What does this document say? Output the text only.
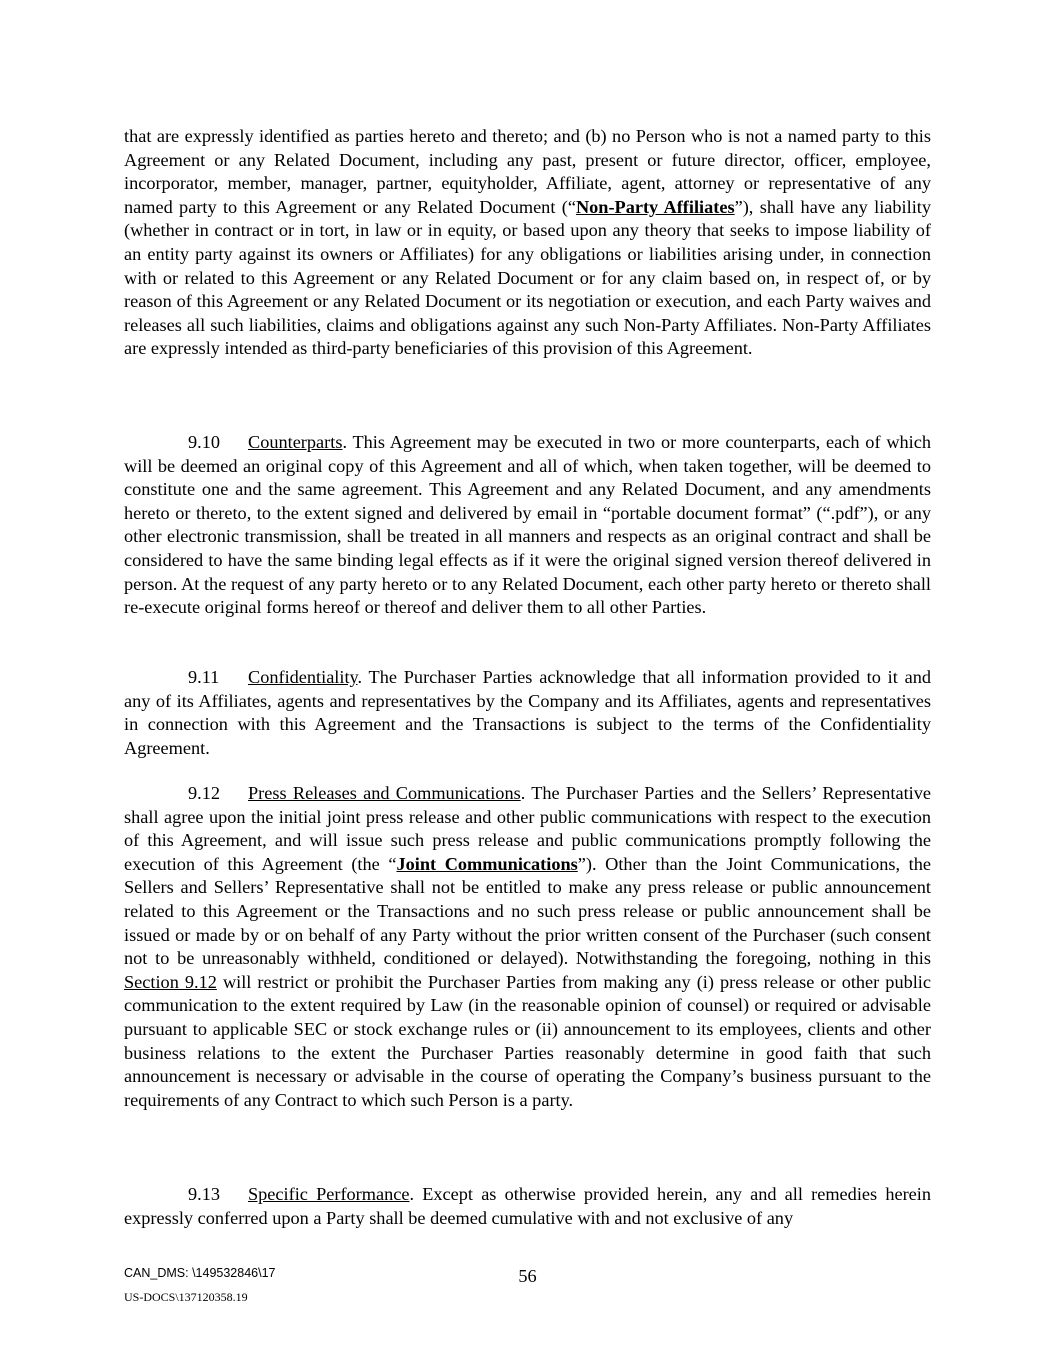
that are expressly identified as parties hereto and thereto; and (b) no Person who is not a named party to this Agreement or any Related Document, including any past, present or future director, officer, employee, incorporator, member, manager, partner, equityholder, Affiliate, agent, attorney or representative of any named party to this Agreement or any Related Document (“Non-Party Affiliates”), shall have any liability (whether in contract or in tort, in law or in equity, or based upon any theory that seeks to impose liability of an entity party against its owners or Affiliates) for any obligations or liabilities arising under, in connection with or related to this Agreement or any Related Document or for any claim based on, in respect of, or by reason of this Agreement or any Related Document or its negotiation or execution, and each Party waives and releases all such liabilities, claims and obligations against any such Non-Party Affiliates. Non-Party Affiliates are expressly intended as third-party beneficiaries of this provision of this Agreement.

9.10 Counterparts. This Agreement may be executed in two or more counterparts, each of which will be deemed an original copy of this Agreement and all of which, when taken together, will be deemed to constitute one and the same agreement. This Agreement and any Related Document, and any amendments hereto or thereto, to the extent signed and delivered by email in “portable document format” (“.pdf”), or any other electronic transmission, shall be treated in all manners and respects as an original contract and shall be considered to have the same binding legal effects as if it were the original signed version thereof delivered in person. At the request of any party hereto or to any Related Document, each other party hereto or thereto shall re-execute original forms hereof or thereof and deliver them to all other Parties.

9.11 Confidentiality. The Purchaser Parties acknowledge that all information provided to it and any of its Affiliates, agents and representatives by the Company and its Affiliates, agents and representatives in connection with this Agreement and the Transactions is subject to the terms of the Confidentiality Agreement.

9.12 Press Releases and Communications. The Purchaser Parties and the Sellers’ Representative shall agree upon the initial joint press release and other public communications with respect to the execution of this Agreement, and will issue such press release and public communications promptly following the execution of this Agreement (the “Joint Communications”). Other than the Joint Communications, the Sellers and Sellers’ Representative shall not be entitled to make any press release or public announcement related to this Agreement or the Transactions and no such press release or public announcement shall be issued or made by or on behalf of any Party without the prior written consent of the Purchaser (such consent not to be unreasonably withheld, conditioned or delayed). Notwithstanding the foregoing, nothing in this Section 9.12 will restrict or prohibit the Purchaser Parties from making any (i) press release or other public communication to the extent required by Law (in the reasonable opinion of counsel) or required or advisable pursuant to applicable SEC or stock exchange rules or (ii) announcement to its employees, clients and other business relations to the extent the Purchaser Parties reasonably determine in good faith that such announcement is necessary or advisable in the course of operating the Company’s business pursuant to the requirements of any Contract to which such Person is a party.

9.13 Specific Performance. Except as otherwise provided herein, any and all remedies herein expressly conferred upon a Party shall be deemed cumulative with and not exclusive of any

CAN_DMS: \149532846\17	56
US-DOCS\137120358.19
